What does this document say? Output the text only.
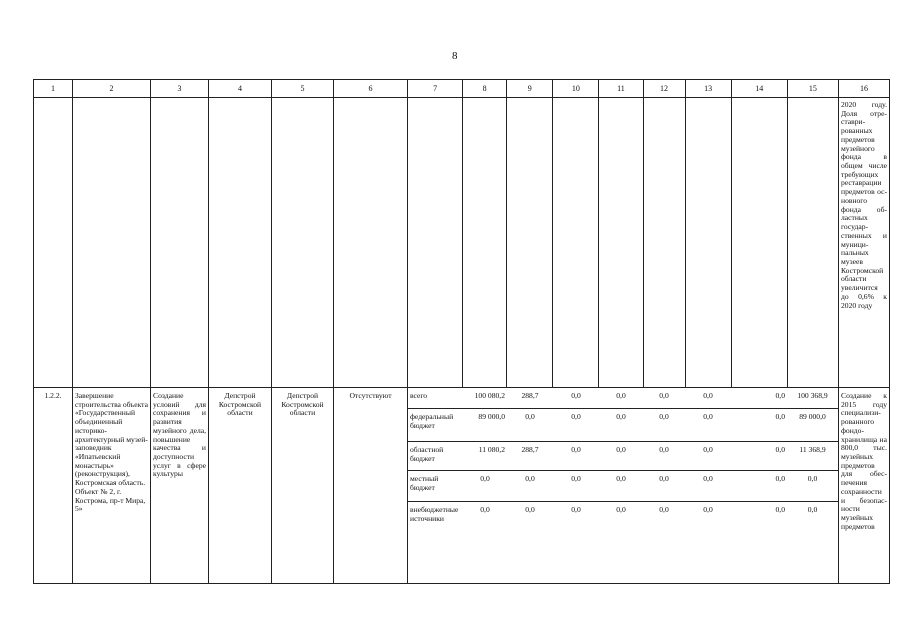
8
1	2	3	4	5	6	7	8	9	10	11	12	13	14	15	16
															2020 году. Доля отреставрированных предметов музейного фонда в общем числе требующих реставрации предметов основного фонда областных государственных и муниципальных музеев Костромской области увеличится до 0,6% к 2020 году
1.2.2.	Завершение строительства объекта «Государственный объединенный историко-архитектурный музей-заповедник «Ипатьевский монастырь» (реконструкция), Костромская область. Объект № 2, г. Кострома, пр-т Мира, 5»	Создание условий для сохранения и развития музейного дела, повышение качества и доступности услуг в сфере культуры	Депстрой Костромской области	Депстрой Костромской области	Отсутствуют	всего	100 080,2	288,7	0,0	0,0	0,0	0,0	0,0	100 368,9
федеральный бюджет	89 000,0	0,0	0,0	0,0	0,0	0,0	0,0	89 000,0
областной бюджет	11 080,2	288,7	0,0	0,0	0,0	0,0	0,0	11 368,9
местный бюджет	0,0	0,0	0,0	0,0	0,0	0,0	0,0	0,0
внебюджетные источники	0,0	0,0	0,0	0,0	0,0	0,0	0,0	0,0
	Создание к 2015 году специализированного фондохранилища на 800,0 тыс. музейных предметов для обеспечения сохранности и безопасности музейных предметов
